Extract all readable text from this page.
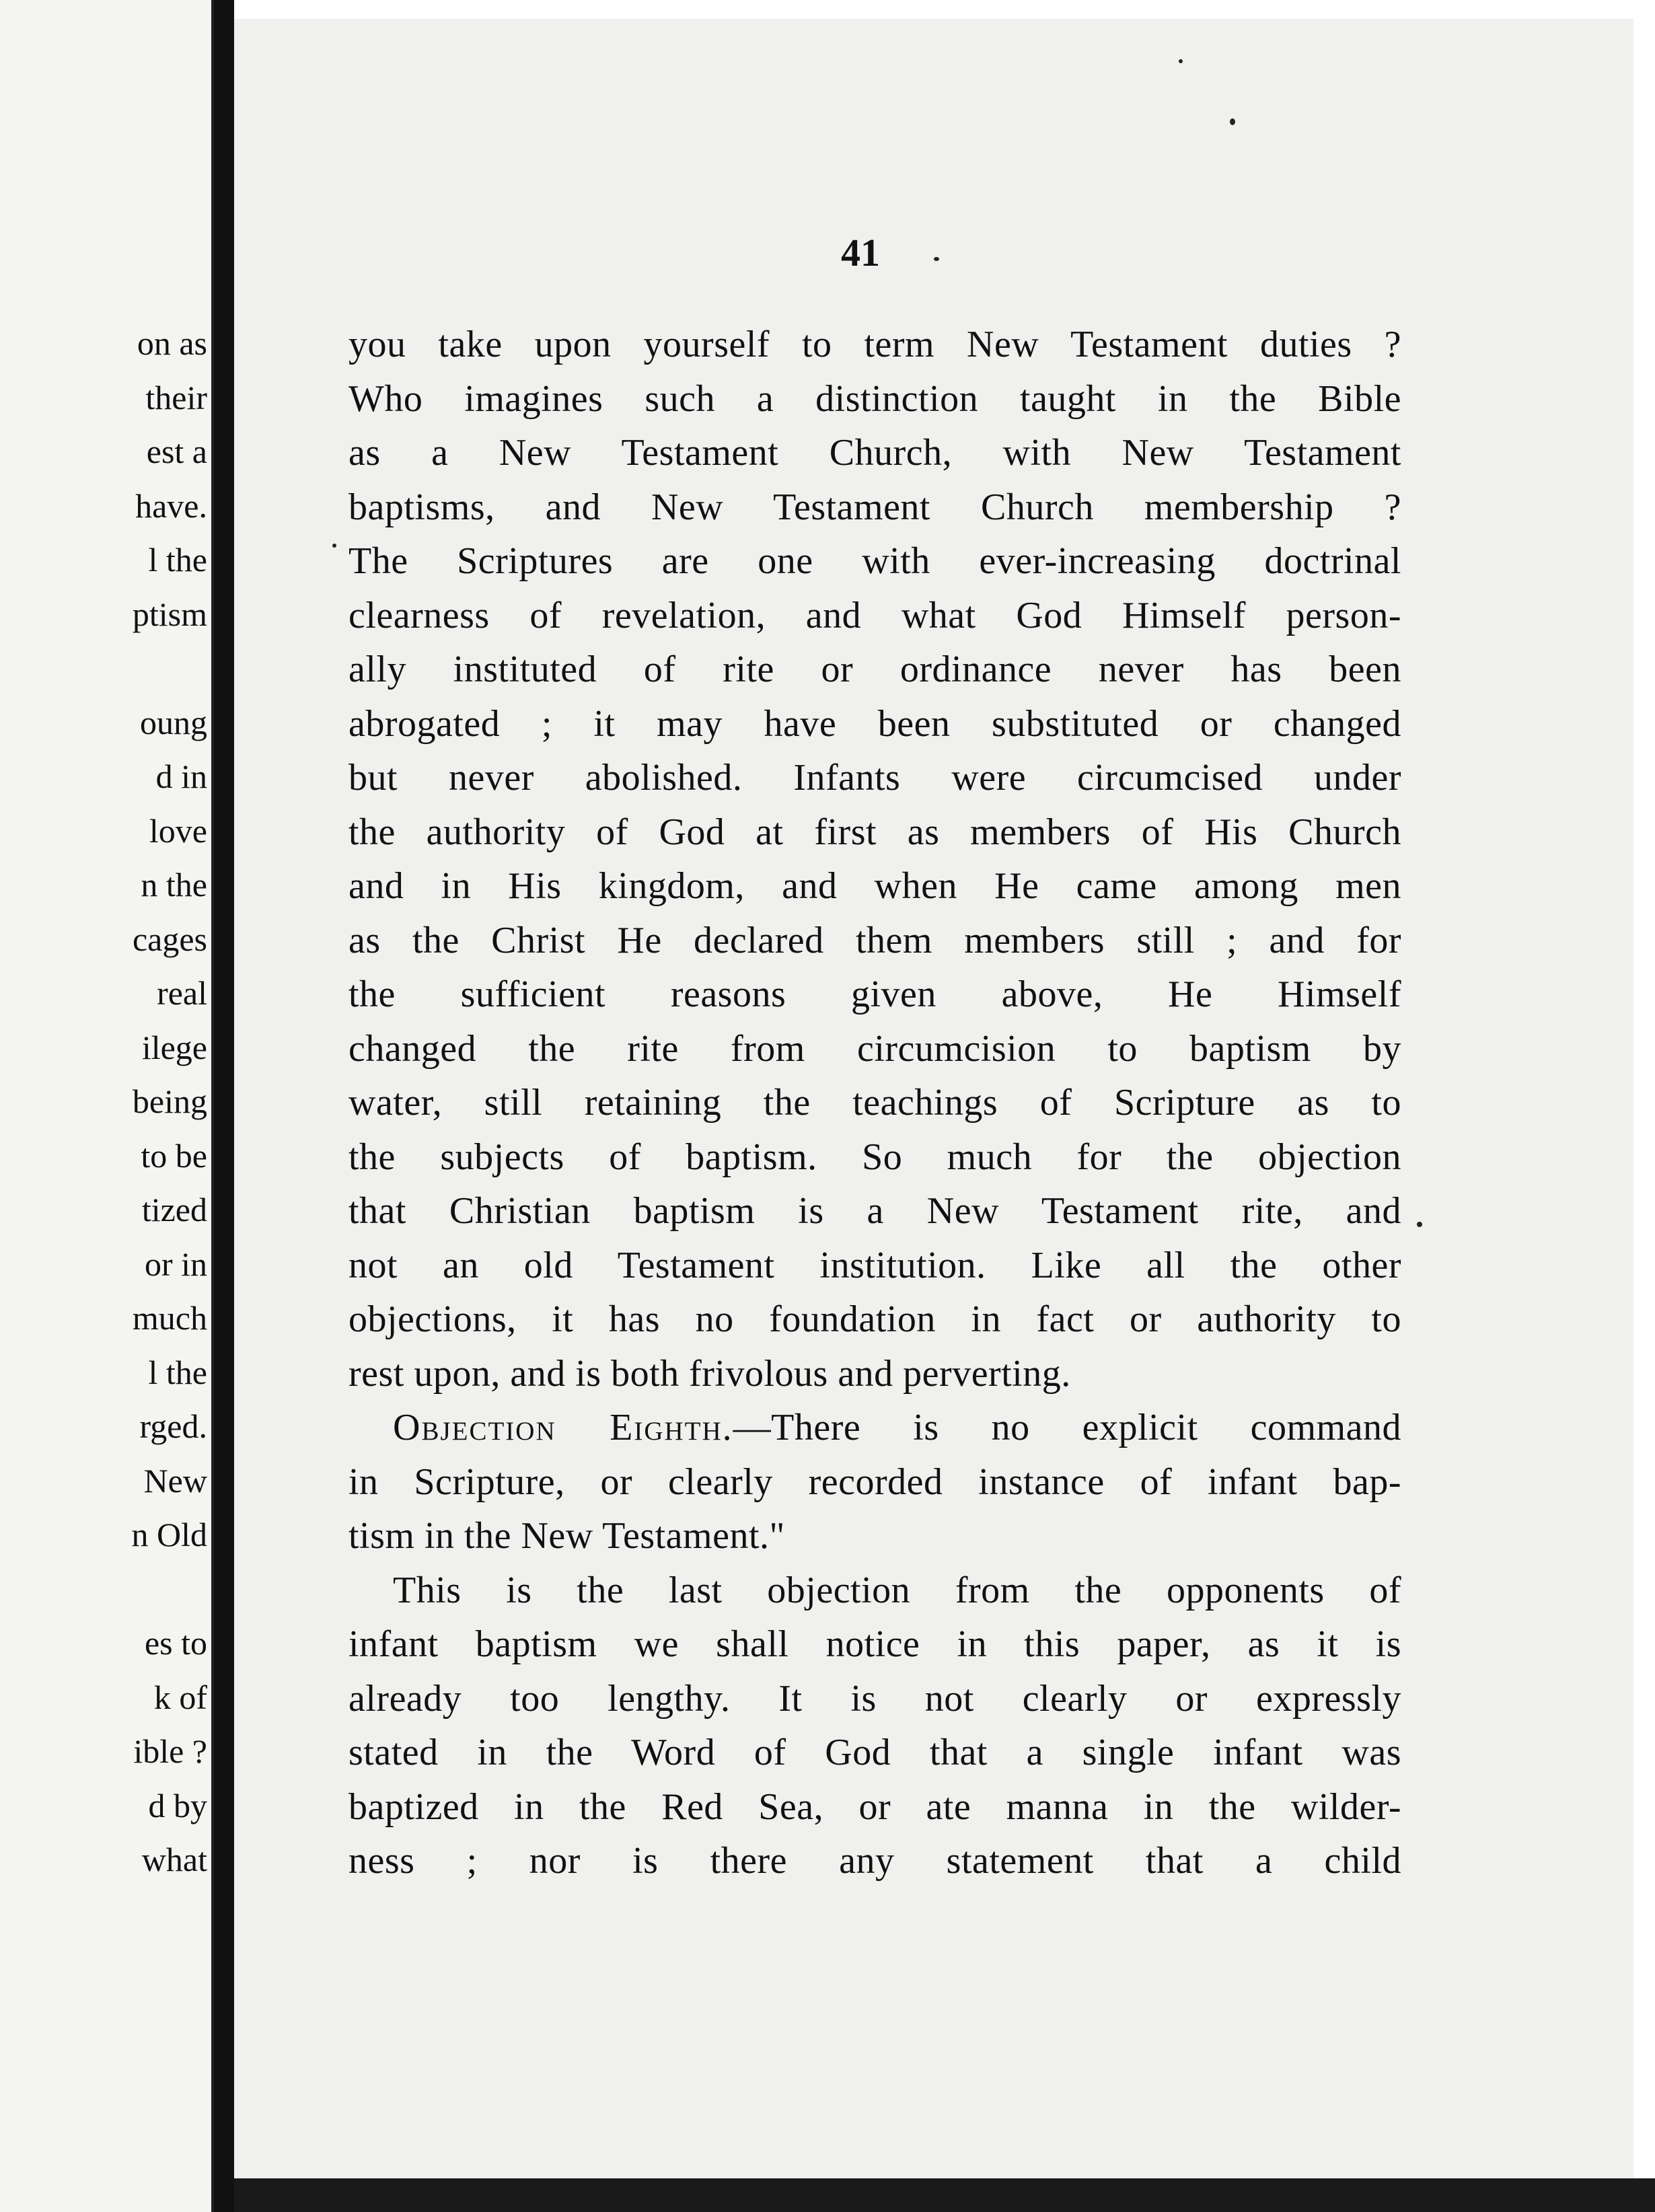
on as
their
est a
have.
l the
ptism
oung
d in
love
n the
cages
real
ilege
being
to be
tized
or in
much
l the
rged.
New
n Old
es to
k of
ible ?
d by
what
41
you take upon yourself to term New Testament duties ?
Who imagines such a distinction taught in the Bible
as a New Testament Church, with New Testament
baptisms, and New Testament Church membership ?
The Scriptures are one with ever-increasing doctrinal
clearness of revelation, and what God Himself person-
ally instituted of rite or ordinance never has been
abrogated ; it may have been substituted or changed
but never abolished. Infants were circumcised under
the authority of God at first as members of His Church
and in His kingdom, and when He came among men
as the Christ He declared them members still ; and for
the sufficient reasons given above, He Himself
changed the rite from circumcision to baptism by
water, still retaining the teachings of Scripture as to
the subjects of baptism. So much for the objection
that Christian baptism is a New Testament rite, and
not an old Testament institution. Like all the other
objections, it has no foundation in fact or authority to
rest upon, and is both frivolous and perverting.
Objection Eighth.—There is no explicit command
in Scripture, or clearly recorded instance of infant bap-
tism in the New Testament."
This is the last objection from the opponents of
infant baptism we shall notice in this paper, as it is
already too lengthy. It is not clearly or expressly
stated in the Word of God that a single infant was
baptized in the Red Sea, or ate manna in the wilder-
ness ; nor is there any statement that a child
